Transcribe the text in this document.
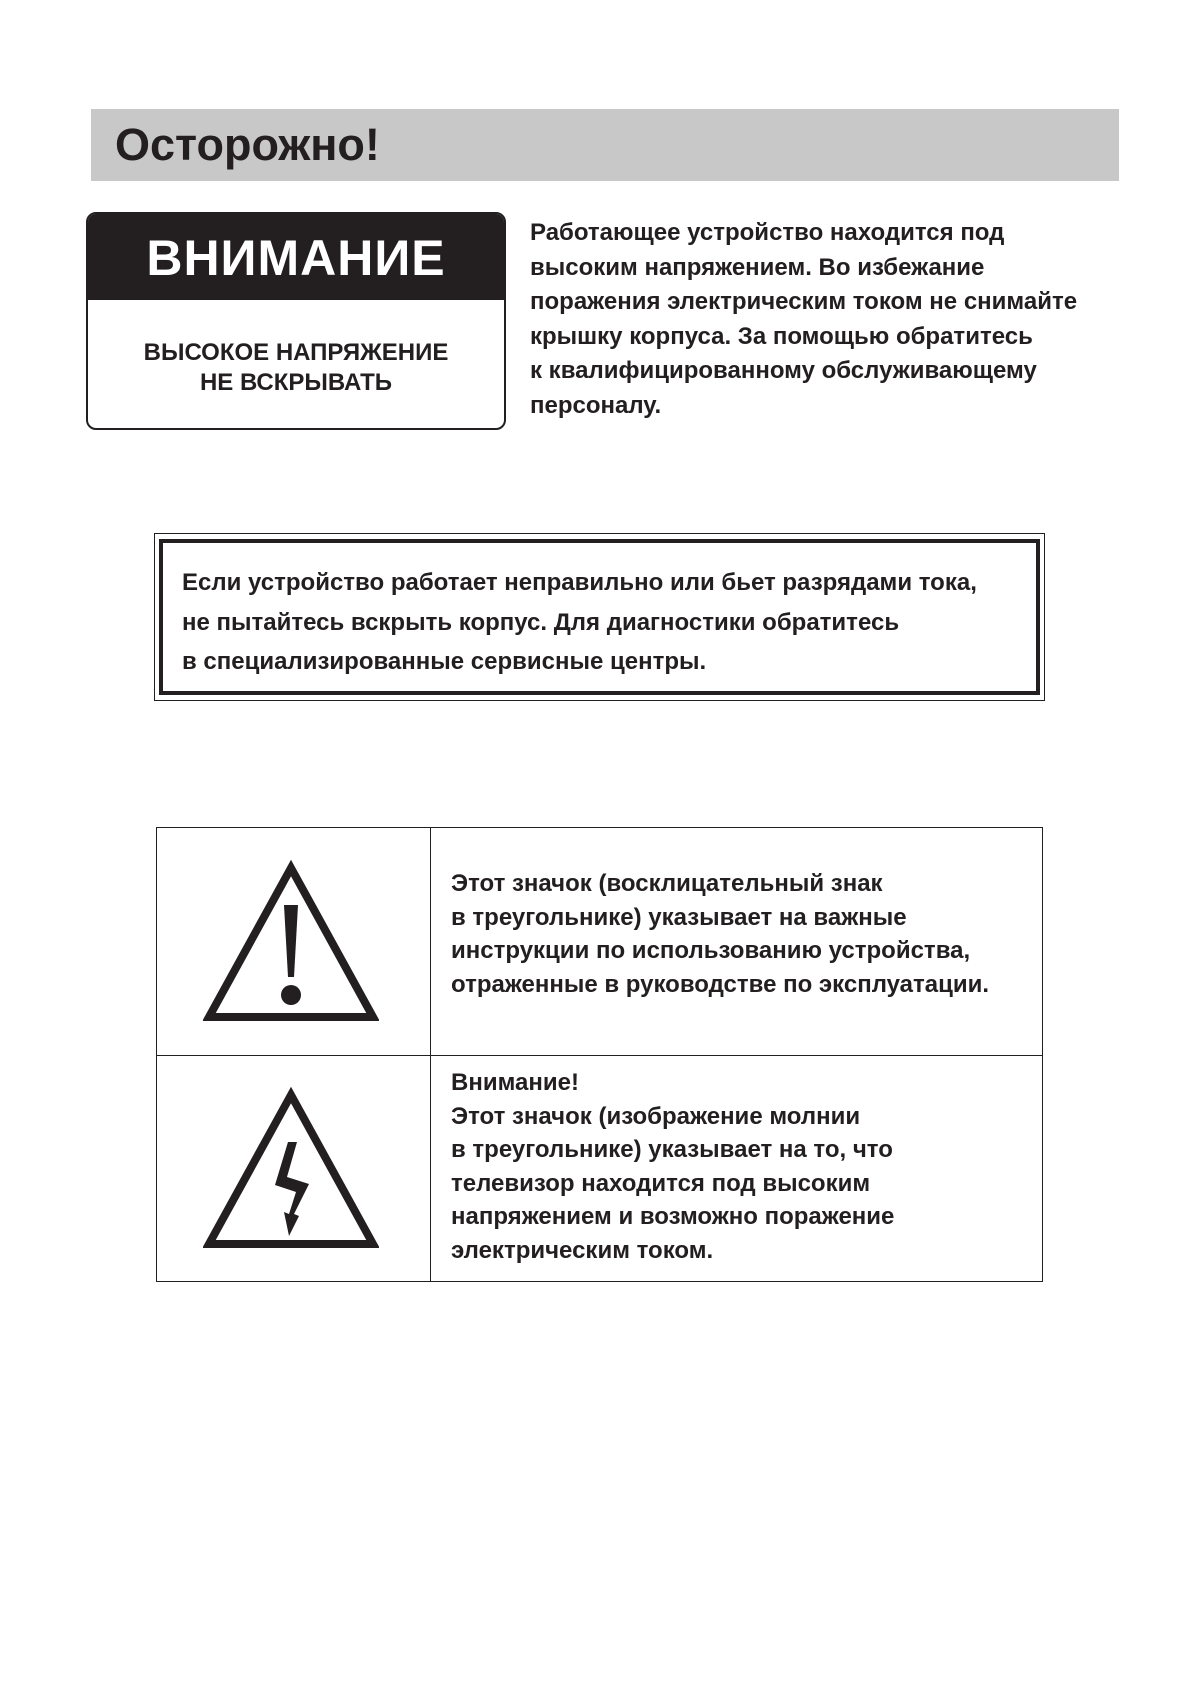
Осторожно!
ВНИМАНИЕ
ВЫСОКОЕ НАПРЯЖЕНИЕ
НЕ ВСКРЫВАТЬ
Работающее устройство находится под
высоким напряжением. Во избежание
поражения электрическим током не снимайте
крышку корпуса. За помощью обратитесь
к квалифицированному обслуживающему
персоналу.
Если устройство работает неправильно или бьет разрядами тока,
не пытайтесь вскрыть корпус. Для диагностики обратитесь
в специализированные сервисные центры.
Этот значок (восклицательный знак
в треугольнике) указывает на важные
инструкции по использованию устройства,
отраженные в руководстве по эксплуатации.
Внимание!
Этот значок (изображение молнии
в треугольнике) указывает на то, что
телевизор находится под высоким
напряжением и возможно поражение
электрическим током.
